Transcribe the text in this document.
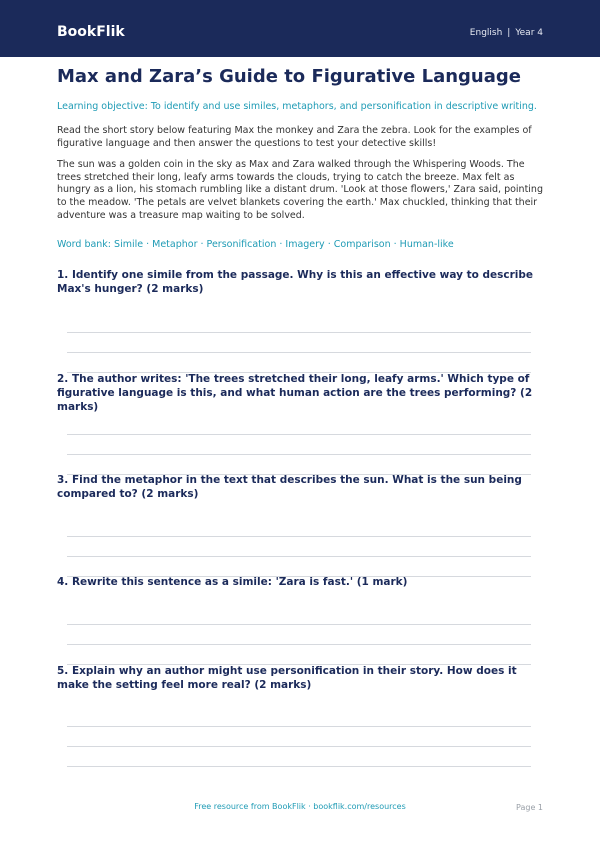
BookFlik	English | Year 4
Max and Zara’s Guide to Figurative Language
Learning objective: To identify and use similes, metaphors, and personification in descriptive writing.
Read the short story below featuring Max the monkey and Zara the zebra. Look for the examples of figurative language and then answer the questions to test your detective skills!
The sun was a golden coin in the sky as Max and Zara walked through the Whispering Woods. The trees stretched their long, leafy arms towards the clouds, trying to catch the breeze. Max felt as hungry as a lion, his stomach rumbling like a distant drum. 'Look at those flowers,' Zara said, pointing to the meadow. 'The petals are velvet blankets covering the earth.' Max chuckled, thinking that their adventure was a treasure map waiting to be solved.
Word bank: Simile · Metaphor · Personification · Imagery · Comparison · Human-like
1. Identify one simile from the passage. Why is this an effective way to describe Max's hunger? (2 marks)
2. The author writes: 'The trees stretched their long, leafy arms.' Which type of figurative language is this, and what human action are the trees performing? (2 marks)
3. Find the metaphor in the text that describes the sun. What is the sun being compared to? (2 marks)
4. Rewrite this sentence as a simile: 'Zara is fast.' (1 mark)
5. Explain why an author might use personification in their story. How does it make the setting feel more real? (2 marks)
Free resource from BookFlik · bookflik.com/resources	Page 1
